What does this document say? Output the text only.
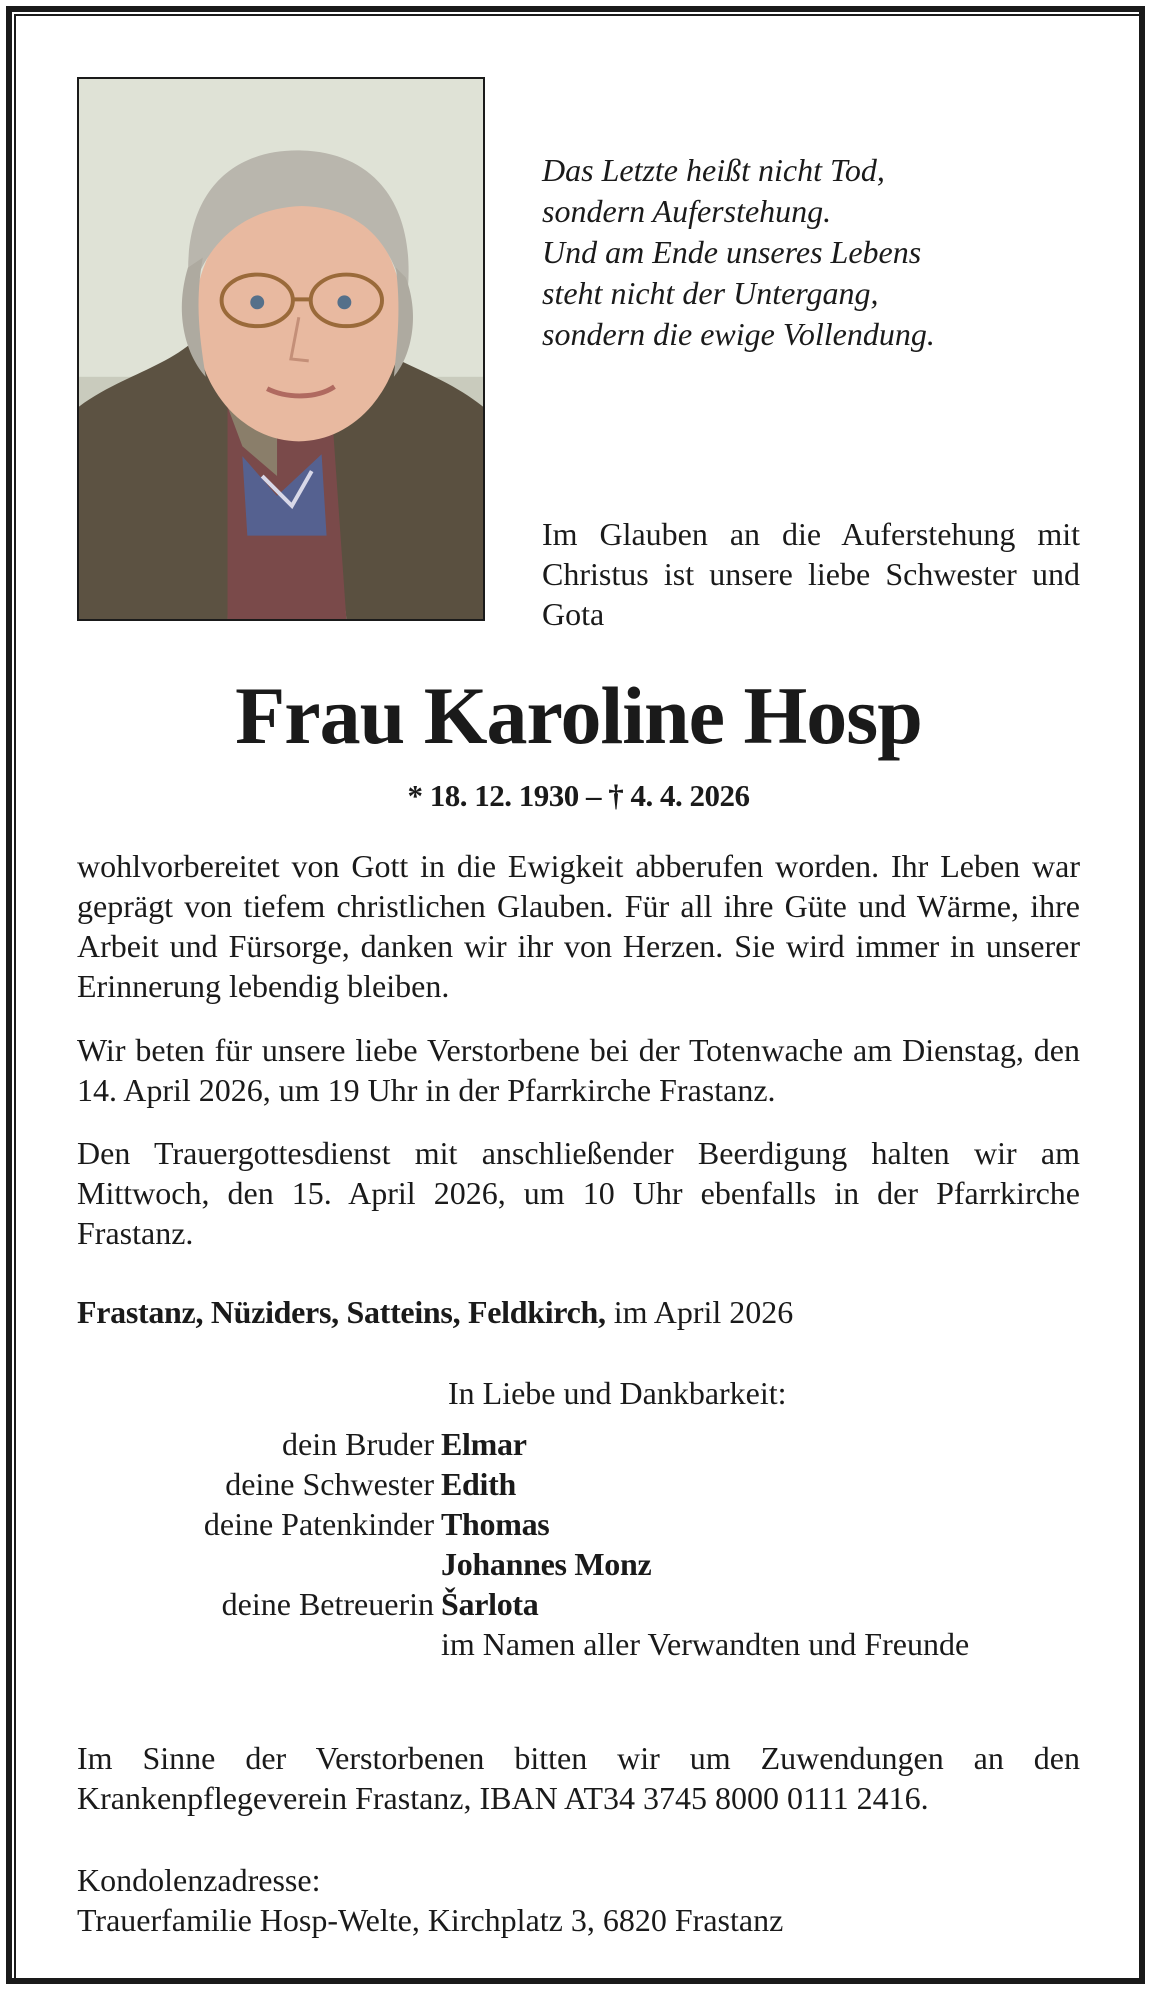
Das Letzte heißt nicht Tod,
sondern Auferstehung.
Und am Ende unseres Lebens
steht nicht der Untergang,
sondern die ewige Vollendung.
Im Glauben an die Auferstehung mit Christus ist unsere liebe Schwester und Gota
Frau Karoline Hosp
* 18. 12. 1930 – † 4. 4. 2026
wohlvorbereitet von Gott in die Ewigkeit abberufen worden. Ihr Leben war geprägt von tiefem christlichen Glauben. Für all ihre Güte und Wärme, ihre Arbeit und Fürsorge, danken wir ihr von Herzen. Sie wird immer in unserer Erinnerung lebendig bleiben.
Wir beten für unsere liebe Verstorbene bei der Totenwache am Dienstag, den 14. April 2026, um 19 Uhr in der Pfarrkirche Frastanz.
Den Trauergottesdienst mit anschließender Beerdigung halten wir am Mittwoch, den 15. April 2026, um 10 Uhr ebenfalls in der Pfarrkirche Frastanz.
Frastanz, Nüziders, Satteins, Feldkirch, im April 2026
In Liebe und Dankbarkeit:
dein Bruder Elmar
deine Schwester Edith
deine Patenkinder Thomas
Johannes Monz
deine Betreuerin Šarlota
im Namen aller Verwandten und Freunde
Im Sinne der Verstorbenen bitten wir um Zuwendungen an den Krankenpflegeverein Frastanz, IBAN AT34 3745 8000 0111 2416.
Kondolenzadresse:
Trauerfamilie Hosp-Welte, Kirchplatz 3, 6820 Frastanz
